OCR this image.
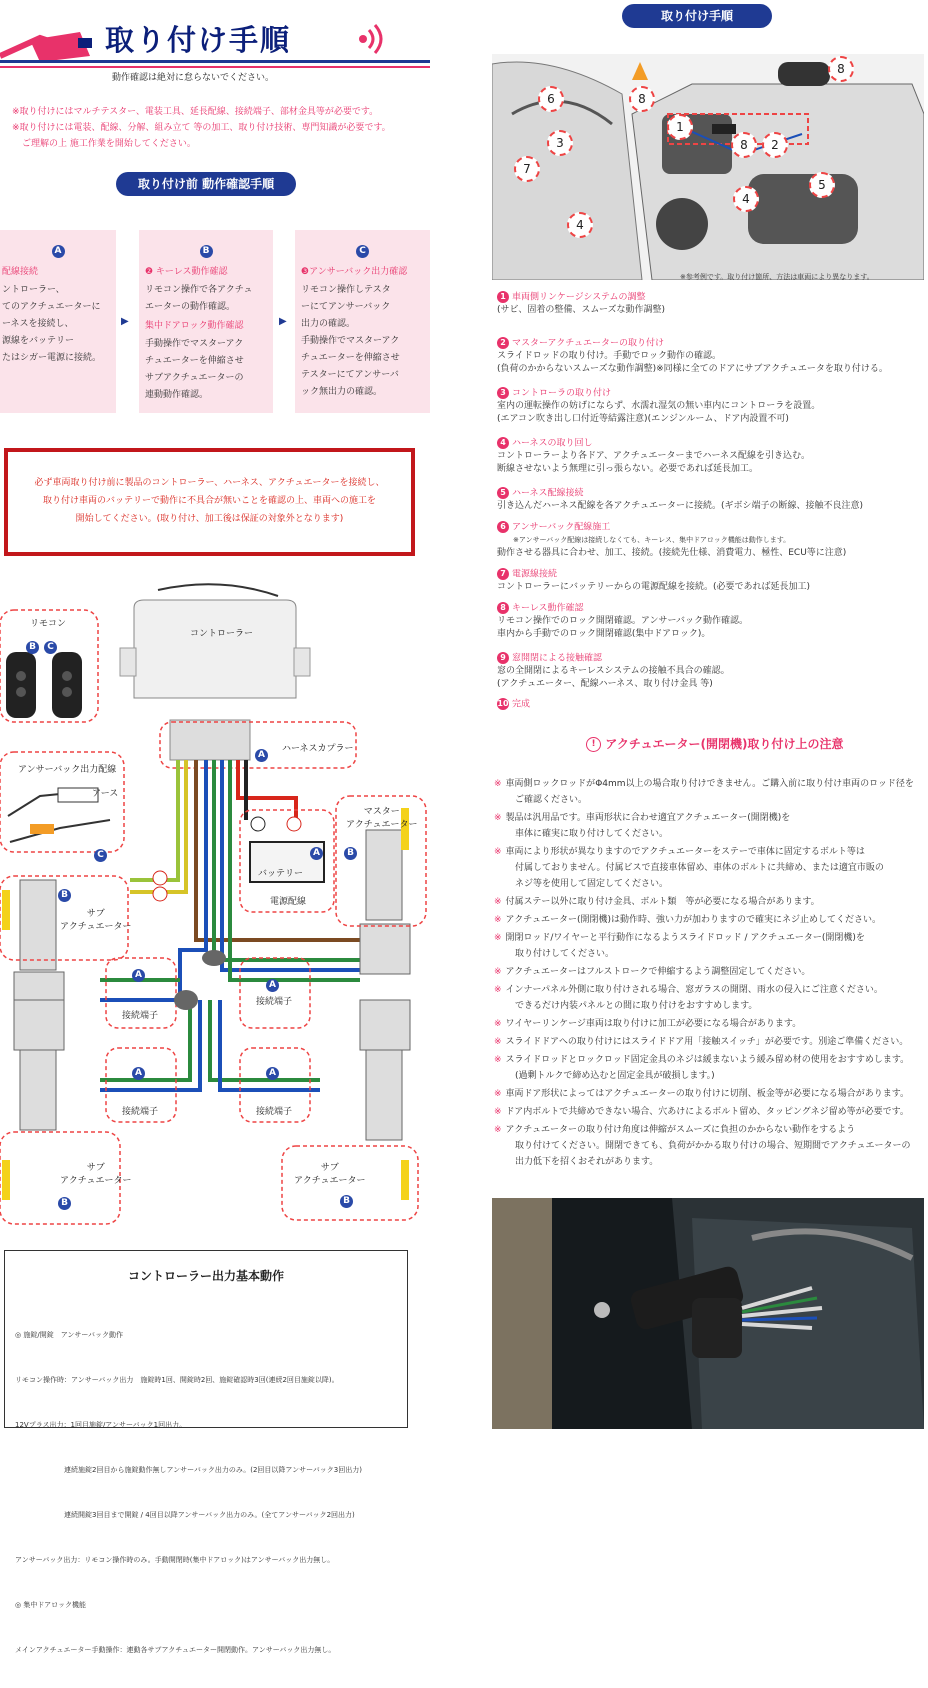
取り付け手順
動作確認は絶対に怠らないでください。
※取り付けにはマルチテスター、電装工具、延長配線、接続端子、部材金具等が必要です。
※取り付けには電装、配線、分解、組み立て 等の加工、取り付け技術、専門知識が必要です。
ご理解の上 施工作業を開始してください。
取り付け前 動作確認手順
A
配線接続
ントローラー、
てのアクチュエーターに
ーネスを接続し、
源線をバッテリー
たはシガー電源に接続。
▶
B
❷ キーレス動作確認
リモコン操作で各アクチュ
エーターの動作確認。
集中ドアロック動作確認
手動操作でマスターアク
チュエーターを伸縮させ
サブアクチュエーターの
連動動作確認。
▶
C
❸アンサーバック出力確認
リモコン操作しテスタ
ーにてアンサーバック
出力の確認。
手動操作でマスターアク
チュエーターを伸縮させ
テスターにてアンサーバ
ック無出力の確認。
必ず車両取り付け前に製品のコントローラー、ハーネス、アクチュエーターを接続し、
取り付け車両のバッテリーで動作に不具合が無いことを確認の上、車両への施工を
開始してください。(取り付け、加工後は保証の対象外となります)
リモコン
B C
コントローラー
A
ハーネスカプラー
アンサーバック出力配線
アース
C
マスター
アクチュエーター
B
A
バッテリー
電源配線
B
サブ
アクチュエーター
A
接続端子
A
接続端子
A
接続端子
A
接続端子
サブ
アクチュエーター
B
サブ
アクチュエーター
B
コントローラー出力基本動作

◎ 施錠/開錠　アンサーバック動作

リモコン操作時：アンサーバック出力　施錠時1回、開錠時2回、施錠確認時3回(連続2回目施錠以降)。

12Vプラス出力：1回目施錠/アンサーバック1回出力。

　　　　　　　連続施錠2回目から施錠動作無しアンサーバック出力のみ。(2回目以降アンサーバック3回出力)

　　　　　　　連続開錠3回目まで開錠 / 4回目以降アンサーバック出力のみ。(全てアンサーバック2回出力)

アンサーバック出力：リモコン操作時のみ。手動開閉時(集中ドアロック)はアンサーバック出力無し。

◎ 集中ドアロック機能

メインアクチュエーター手動操作：連動各サブアクチュエーター開閉動作。アンサーバック出力無し。

取り付け手順
6	8
3
7
4
1
8	2
5
4
8
※参考例です。取り付け箇所、方法は車両により異なります。
1 車両側リンケージシステムの調整
(サビ、固着の整備、スムーズな動作調整)
2 マスターアクチュエーターの取り付け
スライドロッドの取り付け。手動でロック動作の確認。
(負荷のかからないスムーズな動作調整)※同様に全てのドアにサブアクチュエータを取り付ける。
3 コントローラの取り付け
室内の運転操作の妨げにならず、水濡れ湿気の無い車内にコントローラを設置。
(エアコン吹き出し口付近等結露注意)(エンジンルーム、ドア内設置不可)
4 ハーネスの取り回し
コントローラーより各ドア、アクチュエーターまでハーネス配線を引き込む。
断線させないよう無理に引っ張らない。必要であれば延長加工。
5 ハーネス配線接続
引き込んだハーネス配線を各アクチュエーターに接続。(ギボシ端子の断線、接触不良注意)
6 アンサーバック配線施工
※アンサーバック配線は接続しなくても、キーレス、集中ドアロック機能は動作します。
動作させる器具に合わせ、加工、接続。(接続先仕様、消費電力、極性、ECU等に注意)
7 電源線接続
コントローラーにバッテリーからの電源配線を接続。(必要であれば延長加工)
8 キーレス動作確認
リモコン操作でのロック開閉確認。アンサーバック動作確認。
車内から手動でのロック開閉確認(集中ドアロック)。
9 窓開閉による接触確認
窓の全開閉によるキーレスシステムの接触不具合の確認。
(アクチュエーター、配線ハーネス、取り付け金具 等)
10 完成
! アクチュエーター(開閉機)取り付け上の注意
※ 車両側ロックロッドがΦ4mm以上の場合取り付けできません。ご購入前に取り付け車両のロッド径を
　ご確認ください。
※ 製品は汎用品です。車両形状に合わせ適宜アクチュエーター(開閉機)を
　車体に確実に取り付けしてください。
※ 車両により形状が異なりますのでアクチュエーターをステーで車体に固定するボルト等は
　付属しておりません。付属ビスで直接車体留め、車体のボルトに共締め、または適宜市販の
　ネジ等を使用して固定してください。
※ 付属ステー以外に取り付け金具、ボルト類　等が必要になる場合があります。
※ アクチュエーター(開閉機)は動作時、強い力が加わりますので確実にネジ止めしてください。
※ 開閉ロッド/ワイヤーと平行動作になるようスライドロッド / アクチュエーター(開閉機)を
　取り付けしてください。
※ アクチュエーターはフルストロークで伸縮するよう調整固定してください。
※ インナーパネル外側に取り付けされる場合、窓ガラスの開閉、雨水の侵入にご注意ください。
　できるだけ内装パネルとの間に取り付けをおすすめします。
※ ワイヤーリンケージ車両は取り付けに加工が必要になる場合があります。
※ スライドドアへの取り付けにはスライドドア用「接触スイッチ」が必要です。別途ご準備ください。
※ スライドロッドとロックロッド固定金具のネジは緩まないよう緩み留め材の使用をおすすめします。
　(過剰トルクで締め込むと固定金具が破損します。)
※ 車両ドア形状によってはアクチュエーターの取り付けに切削、板金等が必要になる場合があります。
※ ドア内ボルトで共締めできない場合、穴あけによるボルト留め、タッピングネジ留め等が必要です。
※ アクチュエーターの取り付け角度は伸縮がスムーズに負担のかからない動作をするよう
　取り付けてください。開閉できても、負荷がかかる取り付けの場合、短期間でアクチュエーターの
　出力低下を招くおそれがあります。
